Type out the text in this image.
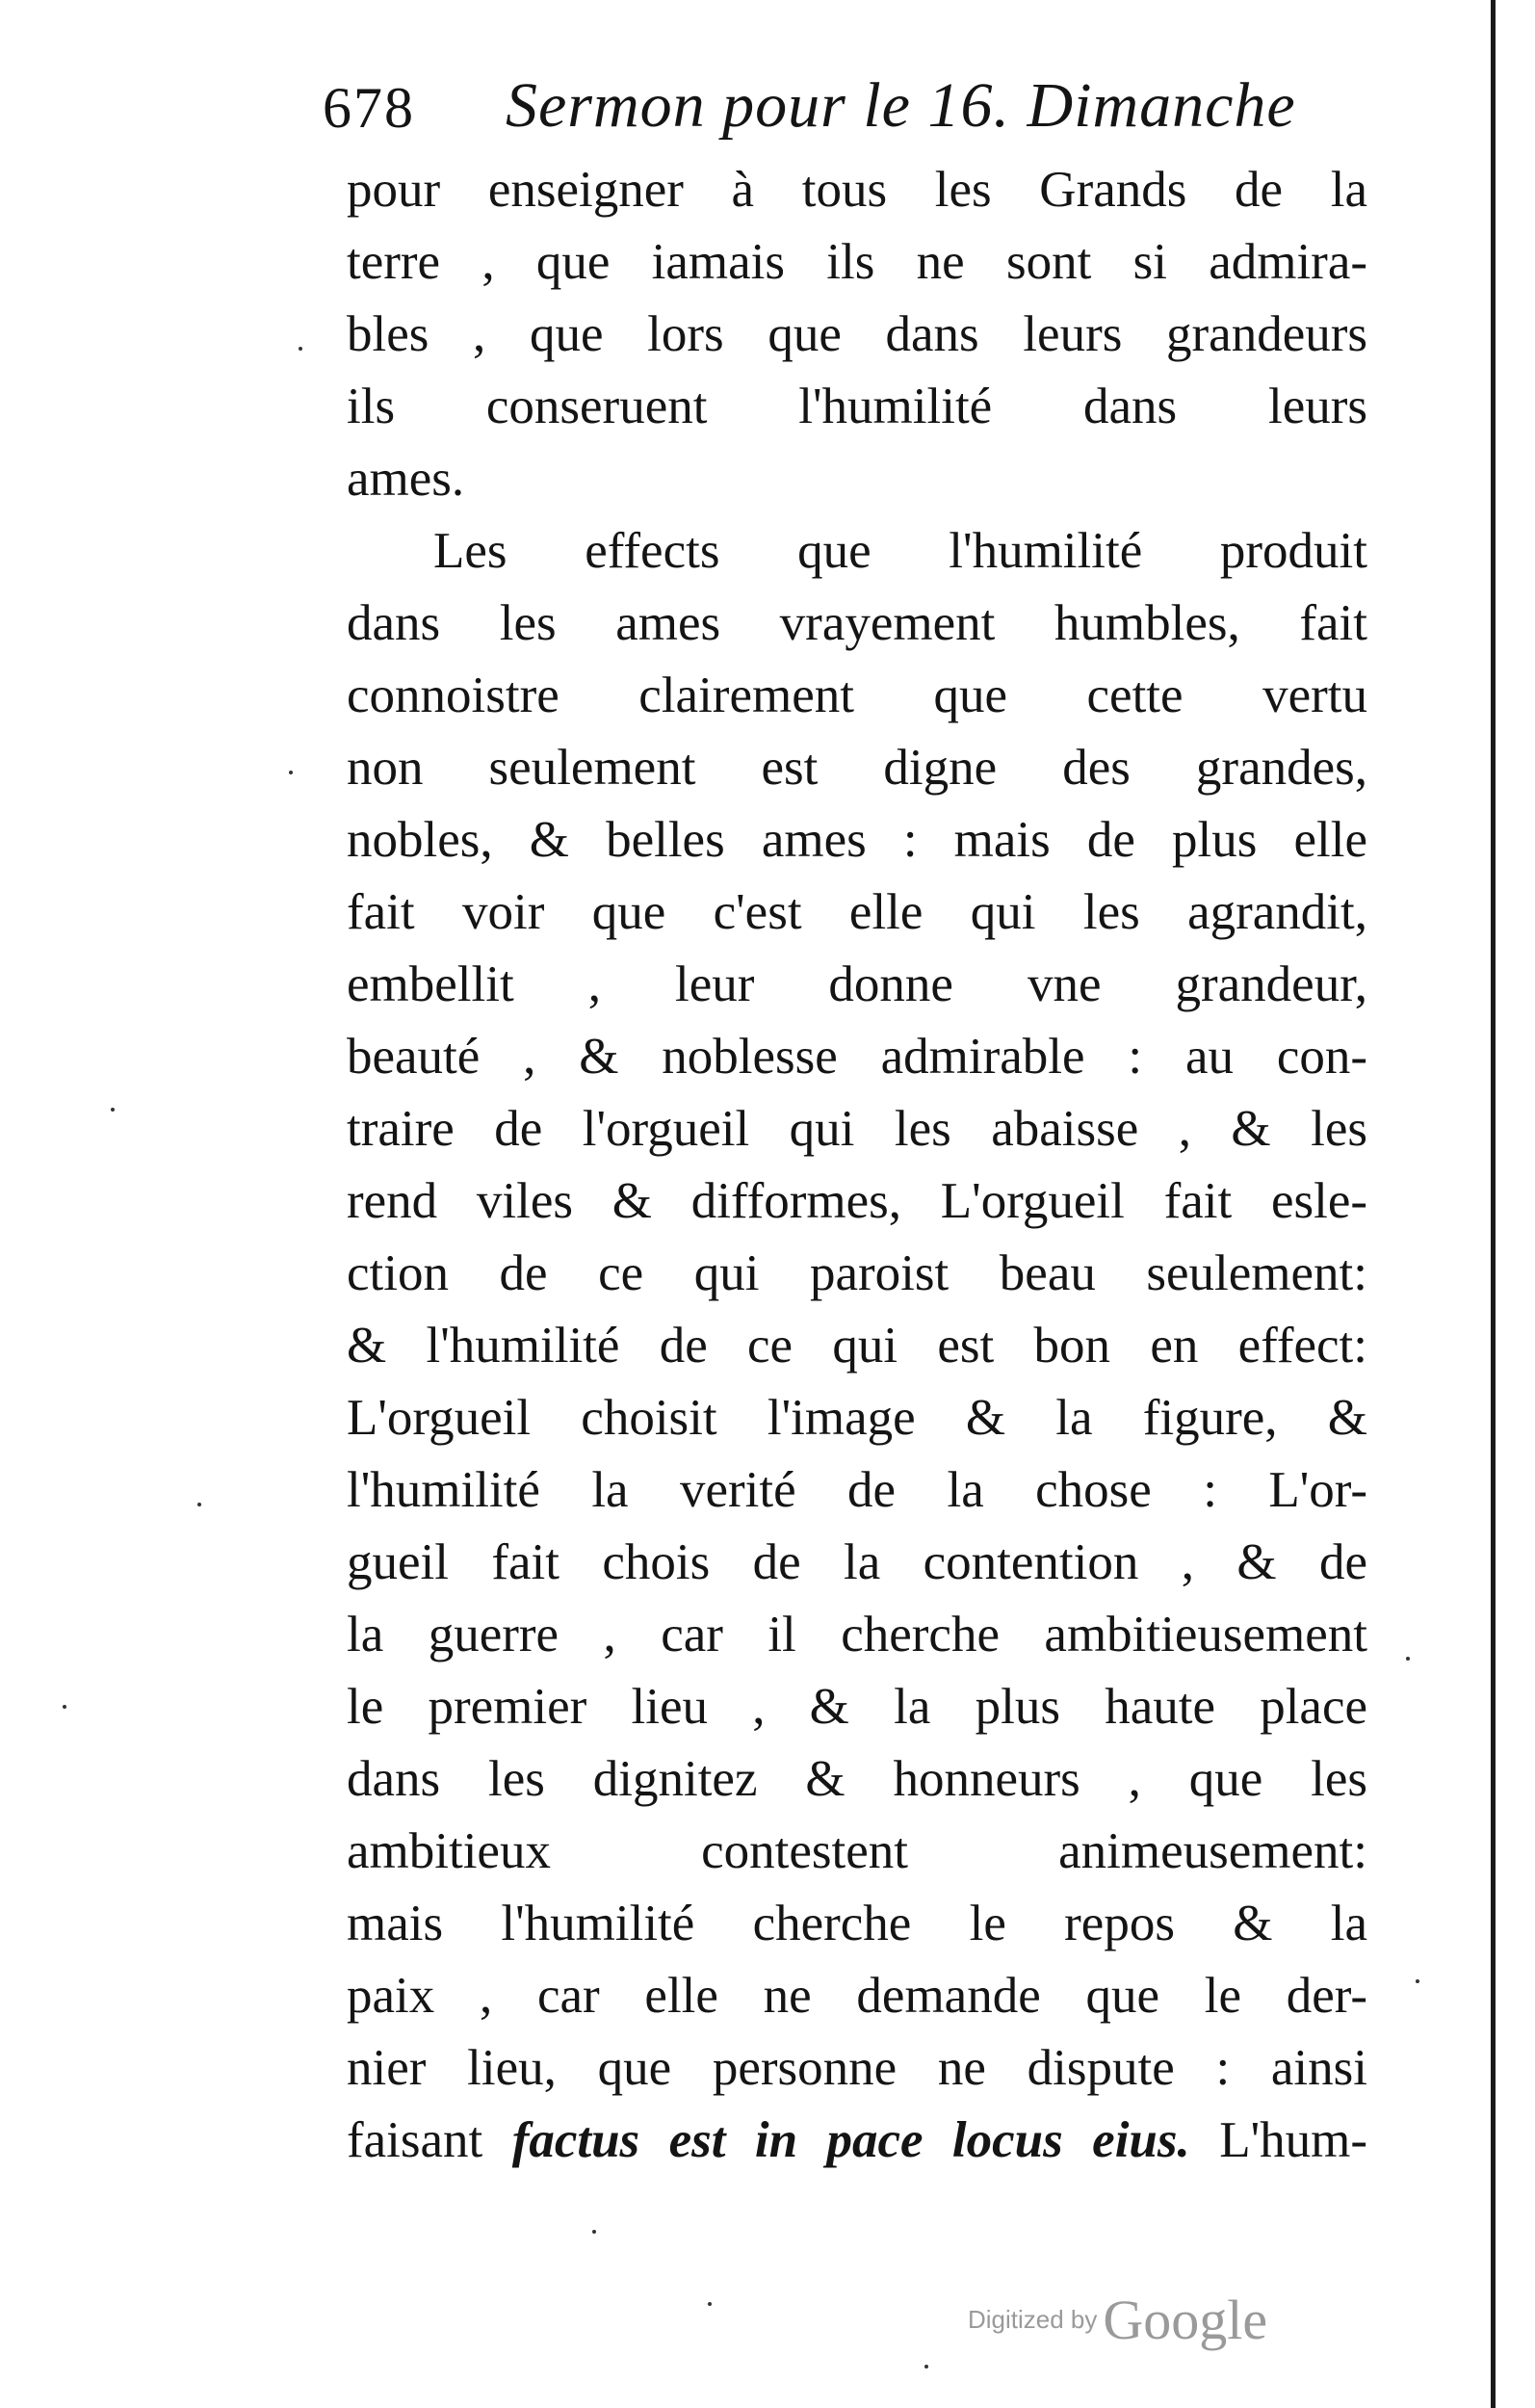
678 Sermon pour le 16. Dimanche
pour enseigner à tous les Grands de la
terre , que iamais ils ne sont si admira-
bles , que lors que dans leurs grandeurs
ils conseruent l'humilité dans leurs
ames.
Les effects que l'humilité produit
dans les ames vrayement humbles, fait
connoistre clairement que cette vertu
non seulement est digne des grandes,
nobles, & belles ames : mais de plus elle
fait voir que c'est elle qui les agrandit,
embellit , leur donne vne grandeur,
beauté , & noblesse admirable : au con-
traire de l'orgueil qui les abaisse , & les
rend viles & difformes, L'orgueil fait esle-
ction de ce qui paroist beau seulement:
& l'humilité de ce qui est bon en effect:
L'orgueil choisit l'image & la figure, &
l'humilité la verité de la chose : L'or-
gueil fait chois de la contention , & de
la guerre , car il cherche ambitieusement
le premier lieu , & la plus haute place
dans les dignitez & honneurs , que les
ambitieux contestent animeusement:
mais l'humilité cherche le repos & la
paix , car elle ne demande que le der-
nier lieu, que personne ne dispute : ainsi
faisant factus est in pace locus eius. L'hum-
Digitized by Google
